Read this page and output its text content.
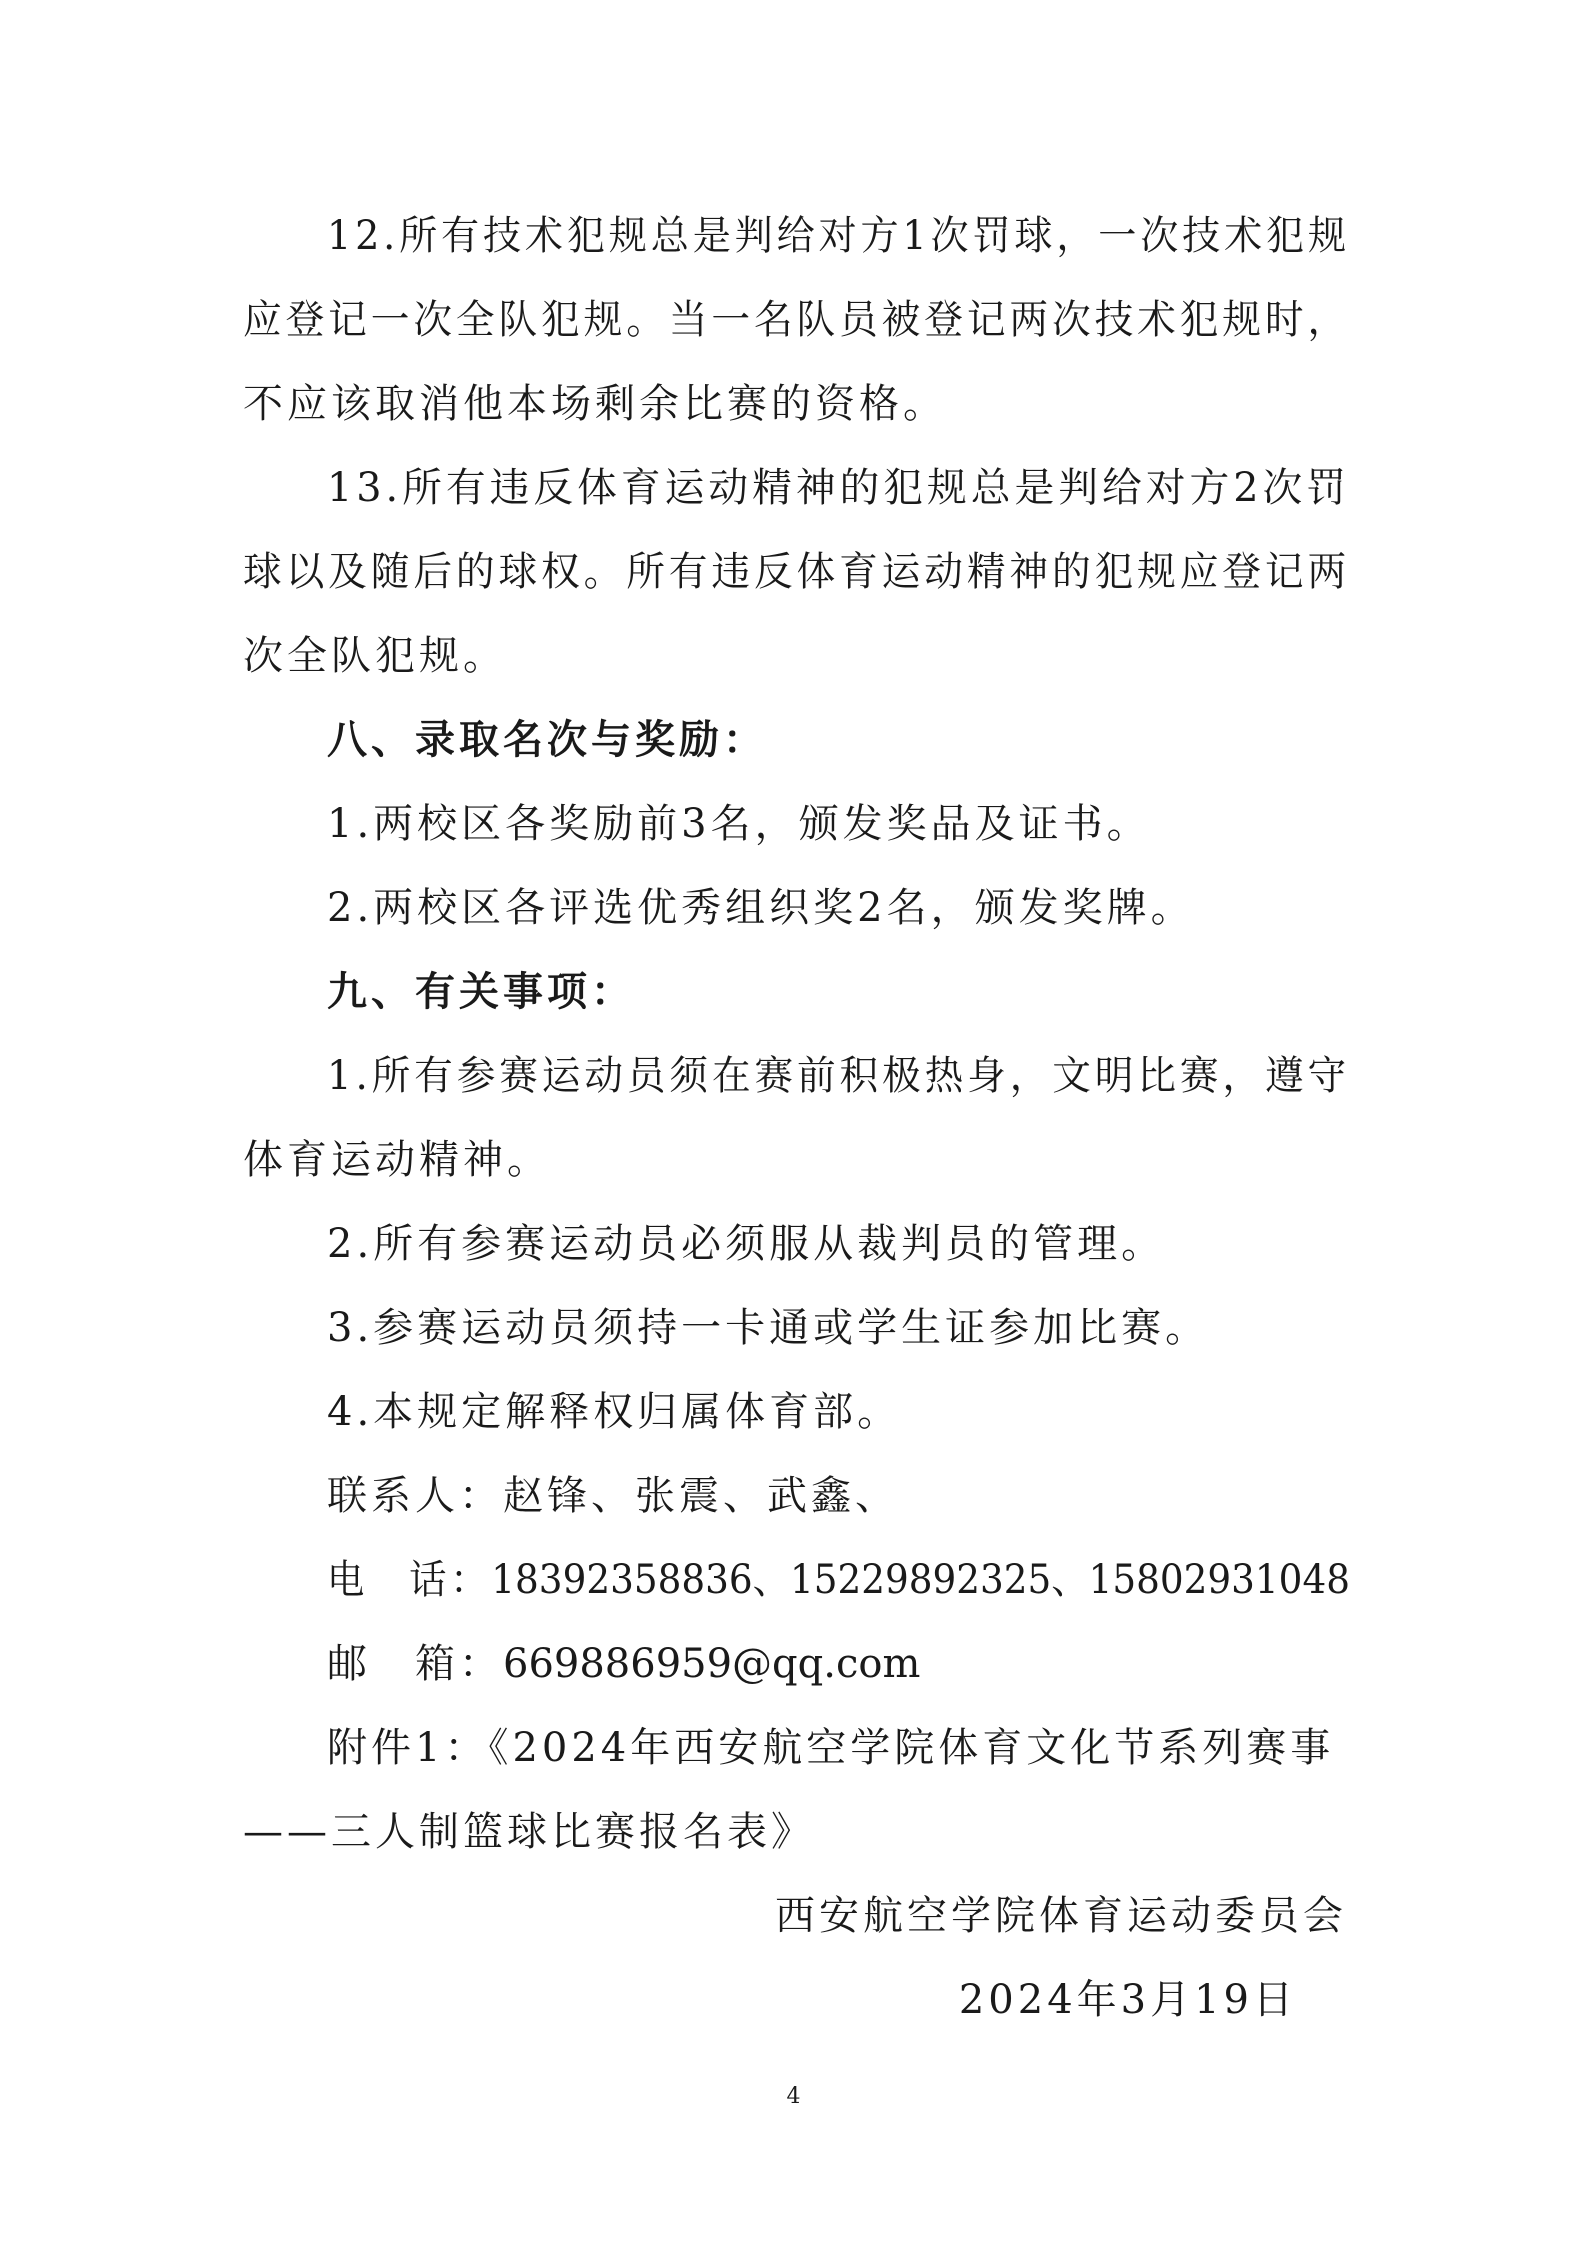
12.所有技术犯规总是判给对方1次罚球，一次技术犯规
应登记一次全队犯规。当一名队员被登记两次技术犯规时，
不应该取消他本场剩余比赛的资格。
13.所有违反体育运动精神的犯规总是判给对方2次罚
球以及随后的球权。所有违反体育运动精神的犯规应登记两
次全队犯规。
八、录取名次与奖励：
1.两校区各奖励前3名，颁发奖品及证书。
2.两校区各评选优秀组织奖2名，颁发奖牌。
九、有关事项：
1.所有参赛运动员须在赛前积极热身，文明比赛，遵守
体育运动精神。
2.所有参赛运动员必须服从裁判员的管理。
3.参赛运动员须持一卡通或学生证参加比赛。
4.本规定解释权归属体育部。
联系人：赵锋、张震、武鑫、
电　话：18392358836、15229892325、15802931048
邮　箱：669886959@qq.com
附件1：《2024年西安航空学院体育文化节系列赛事
——三人制篮球比赛报名表》
西安航空学院体育运动委员会
2024年3月19日
4
